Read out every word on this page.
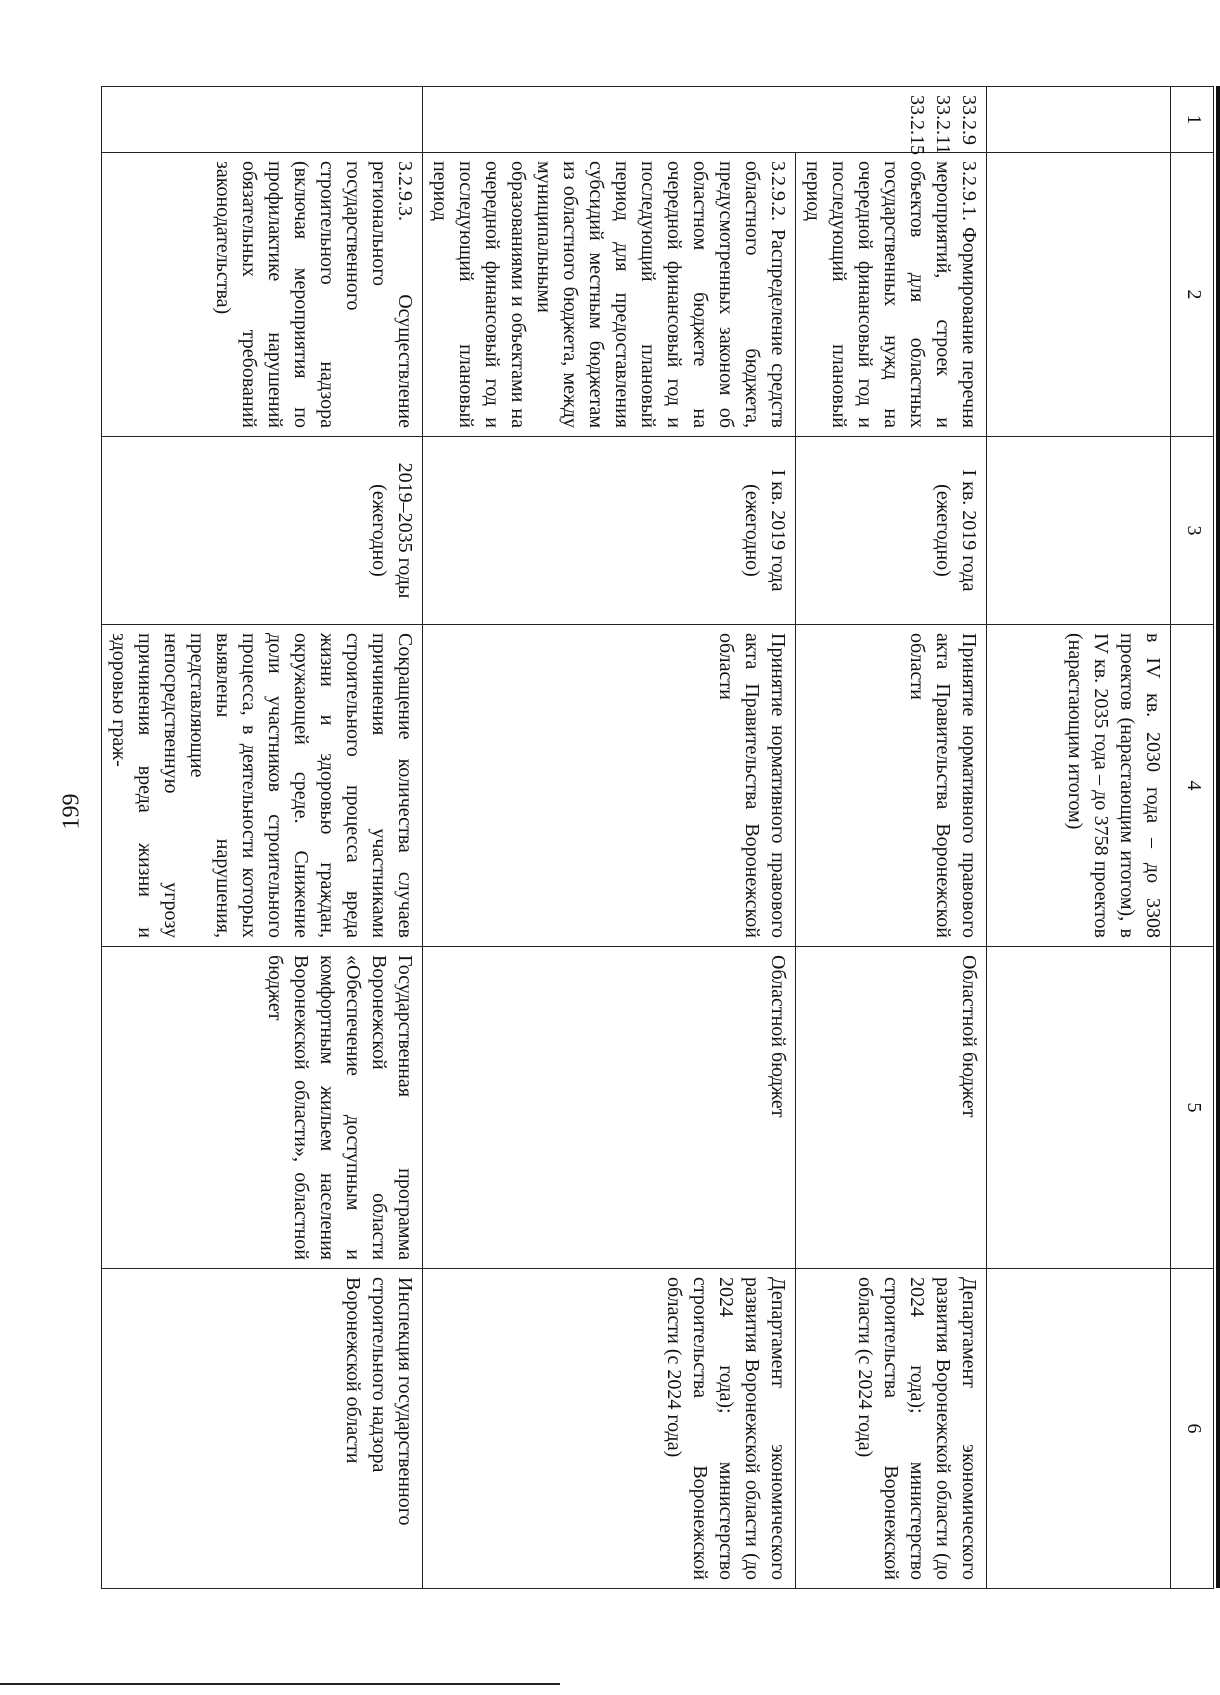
199
1	2	3	4	5	6
			в IV кв. 2030 года – до 3308 проектов (нарастающим итогом), в IV кв. 2035 года – до 3758 проектов (нарастающим итогом)		
33.2.9 33.2.11 33.2.15	3.2.9.1. Формирование перечня мероприятий, строек и объектов для областных государственных нужд на очередной финансовый год и последующий плановый период	I кв. 2019 года (ежегодно)	Принятие нормативного правового акта Правительства Воронежской области	Областной бюджет	Департамент экономического развития Воронежской области (до 2024 года); министерство строительства Воронежской области (с 2024 года)
	3.2.9.2. Распределение средств областного бюджета, предусмотренных законом об областном бюджете на очередной финансовый год и последующий плановый период для предоставления субсидий местным бюджетам из областного бюджета, между муниципальными образованиями и объектами на очередной финансовый год и последующий плановый период	I кв. 2019 года (ежегодно)	Принятие нормативного правового акта Правительства Воронежской области	Областной бюджет	Департамент экономического развития Воронежской области (до 2024 года); министерство строительства Воронежской области (с 2024 года)
	3.2.9.3. Осуществление регионального государственного строительного надзора (включая мероприятия по профилактике нарушений обязательных требований законодательства)	2019–2035 годы (ежегодно)	Сокращение количества случаев причинения участниками строительного процесса вреда жизни и здоровью граждан, окружающей среде. Снижение доли участников строительного процесса, в деятельности которых выявлены нарушения, представляющие непосредственную угрозу причинения вреда жизни и здоровью граж-	Государственная программа Воронежской области «Обеспечение доступным и комфортным жильем населения Воронежской области», областной бюджет	Инспекция государственного строительного надзора Воронежской области
